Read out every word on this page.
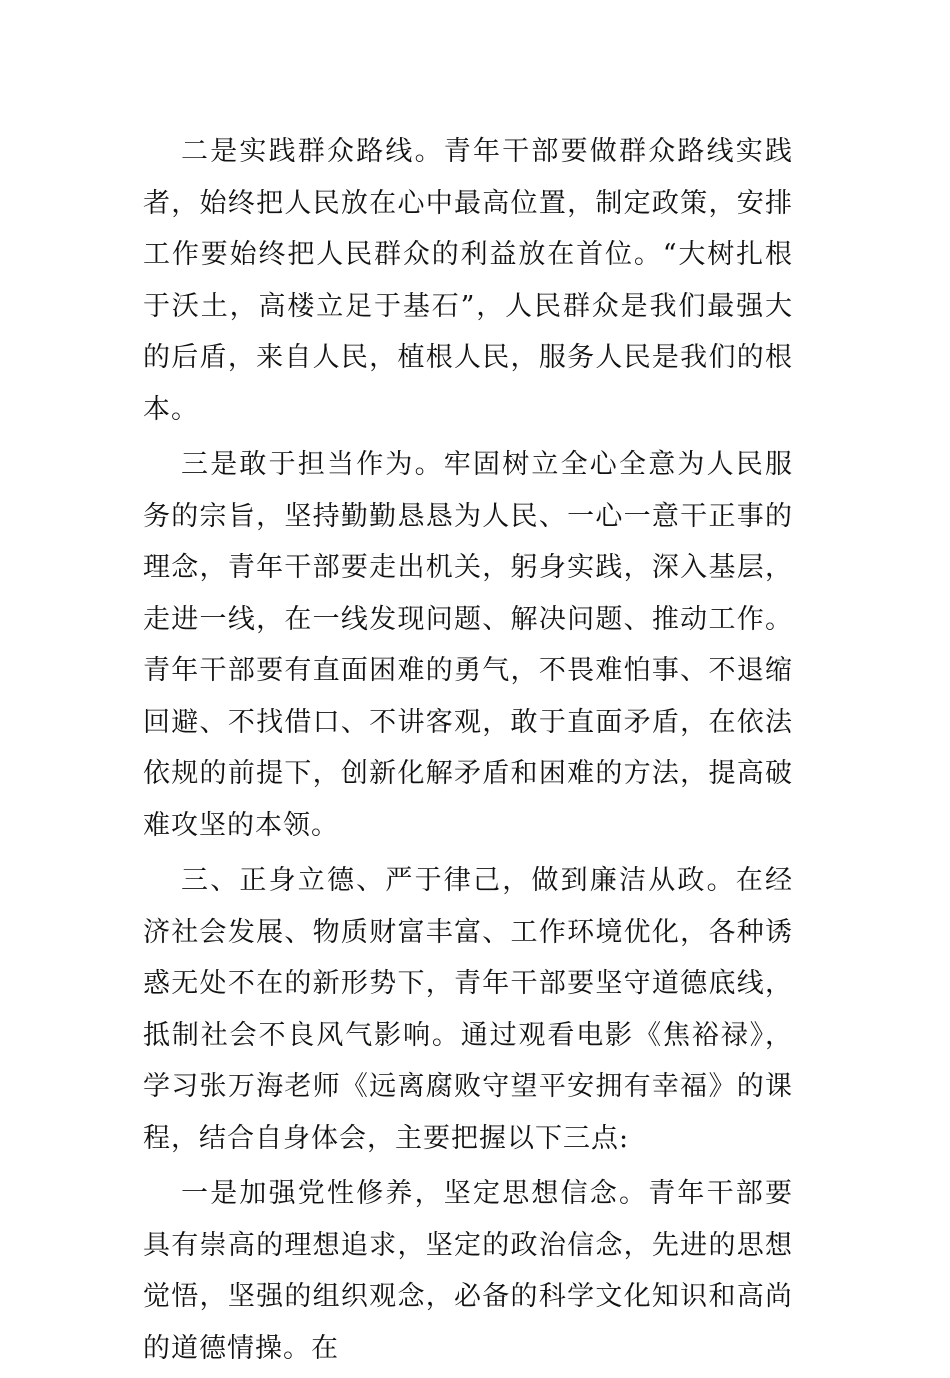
二是实践群众路线。青年干部要做群众路线实践者，始终把人民放在心中最高位置，制定政策，安排工作要始终把人民群众的利益放在首位。“大树扎根于沃土，高楼立足于基石”，人民群众是我们最强大的后盾，来自人民，植根人民，服务人民是我们的根本。

三是敢于担当作为。牢固树立全心全意为人民服务的宗旨，坚持勤勤恳恳为人民、一心一意干正事的理念，青年干部要走出机关，躬身实践，深入基层，走进一线，在一线发现问题、解决问题、推动工作。青年干部要有直面困难的勇气，不畏难怕事、不退缩回避、不找借口、不讲客观，敢于直面矛盾，在依法依规的前提下，创新化解矛盾和困难的方法，提高破难攻坚的本领。

三、正身立德、严于律己，做到廉洁从政。在经济社会发展、物质财富丰富、工作环境优化，各种诱惑无处不在的新形势下，青年干部要坚守道德底线，抵制社会不良风气影响。通过观看电影《焦裕禄》，学习张万海老师《远离腐败守望平安拥有幸福》的课程，结合自身体会，主要把握以下三点:

一是加强党性修养，坚定思想信念。青年干部要具有崇高的理想追求，坚定的政治信念，先进的思想觉悟，坚强的组织观念，必备的科学文化知识和高尚的道德情操。在
